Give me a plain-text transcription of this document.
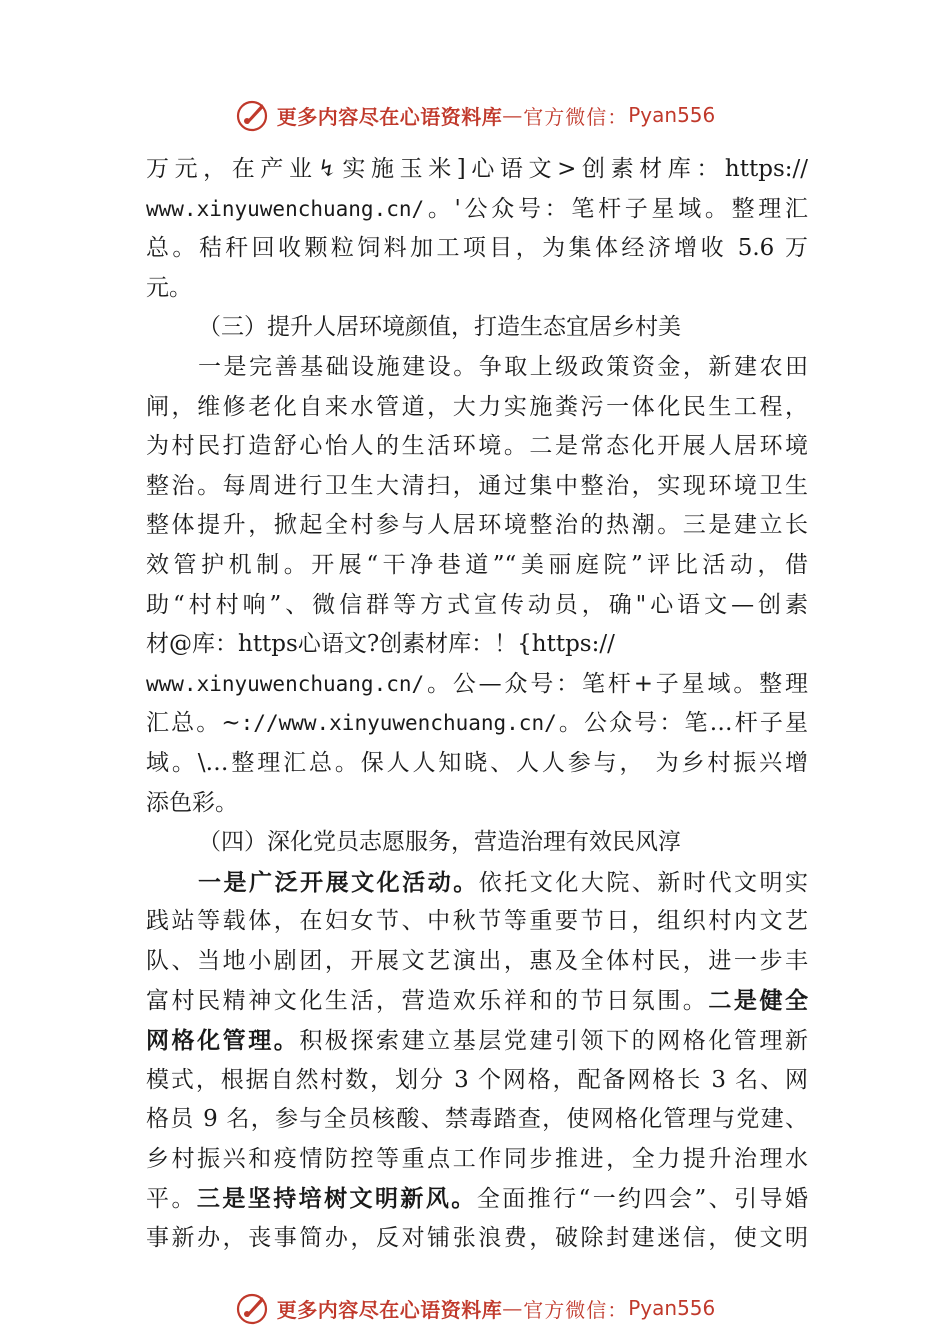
更多内容尽在心语资料库 — 官方微信： Pyan556
万元，在产业↯实施玉米]心语文>创素材库：https://
www.xinyuwenchuang.cn/。'公众号：笔杆子星域。整理汇
总。秸秆回收颗粒饲料加工项目，为集体经济增收 5.6 万
元。
（三）提升人居环境颜值，打造生态宜居乡村美
一是完善基础设施建设。争取上级政策资金，新建农田
闸，维修老化自来水管道，大力实施粪污一体化民生工程，
为村民打造舒心怡人的生活环境。二是常态化开展人居环境
整治。每周进行卫生大清扫，通过集中整治，实现环境卫生
整体提升，掀起全村参与人居环境整治的热潮。三是建立长
效管护机制。开展“干净巷道”“美丽庭院”评比活动，借
助“村村响”、微信群等方式宣传动员，确"心语文—创素
材@库：https心语文?创素材库：！{https://
www.xinyuwenchuang.cn/。公—众号：笔杆+子星域。整理
汇总。~://www.xinyuwenchuang.cn/。公众号：笔…杆子星
域。\…整理汇总。保人人知晓、人人参与， 为乡村振兴增
添色彩。
（四）深化党员志愿服务，营造治理有效民风淳
一是广泛开展文化活动。依托文化大院、新时代文明实
践站等载体，在妇女节、中秋节等重要节日，组织村内文艺
队、当地小剧团，开展文艺演出，惠及全体村民，进一步丰
富村民精神文化生活，营造欢乐祥和的节日氛围。二是健全
网格化管理。积极探索建立基层党建引领下的网格化管理新
模式，根据自然村数，划分 3 个网格，配备网格长 3 名、网
格员 9 名，参与全员核酸、禁毒踏查，使网格化管理与党建、
乡村振兴和疫情防控等重点工作同步推进，全力提升治理水
平。三是坚持培树文明新风。全面推行“一约四会”、引导婚
事新办，丧事简办，反对铺张浪费，破除封建迷信，使文明
更多内容尽在心语资料库 — 官方微信： Pyan556
